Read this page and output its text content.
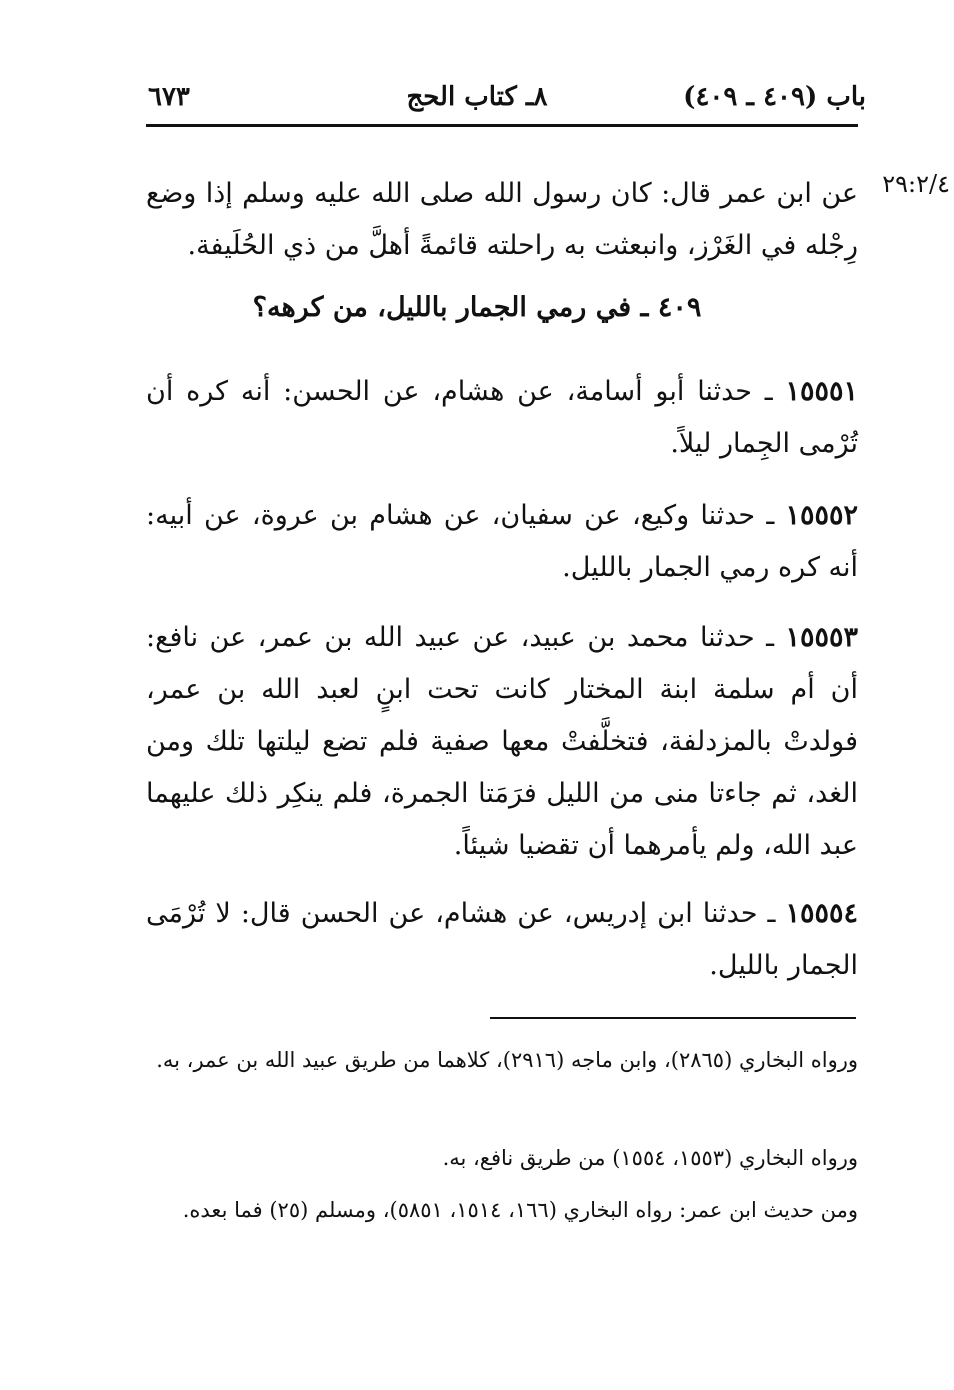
باب (٤٠٩ ـ ٤٠٩)
٨ـ كتاب الحج
٦٧٣
٢٩:٢/٤
عن ابن عمر قال: كان رسول الله صلى الله عليه وسلم إذا وضع رِجْله في الغَرْز، وانبعثت به راحلته قائمةً أهلَّ من ذي الحُلَيفة.
٤٠٩ ـ في رمي الجمار بالليل، من كرهه؟
١٥٥٥١ ـ حدثنا أبو أسامة، عن هشام، عن الحسن: أنه كره أن تُرْمى الجِمار ليلاً.
١٥٥٥٢ ـ حدثنا وكيع، عن سفيان، عن هشام بن عروة، عن أبيه: أنه كره رمي الجمار بالليل.
١٥٥٥٣ ـ حدثنا محمد بن عبيد، عن عبيد الله بن عمر، عن نافع: أن أم سلمة ابنة المختار كانت تحت ابنٍ لعبد الله بن عمر، فولدتْ بالمزدلفة، فتخلَّفتْ معها صفية فلم تضع ليلتها تلك ومن الغد، ثم جاءتا منى من الليل فرَمَتا الجمرة، فلم ينكِر ذلك عليهما عبد الله، ولم يأمرهما أن تقضيا شيئاً.
١٥٥٥٤ ـ حدثنا ابن إدريس، عن هشام، عن الحسن قال: لا تُرْمَى الجمار بالليل.
ورواه البخاري (٢٨٦٥)، وابن ماجه (٢٩١٦)، كلاهما من طريق عبيد الله بن عمر، به.
ورواه البخاري (١٥٥٣، ١٥٥٤) من طريق نافع، به.
ومن حديث ابن عمر: رواه البخاري (١٦٦، ١٥١٤، ٥٨٥١)، ومسلم (٢٥) فما بعده.
